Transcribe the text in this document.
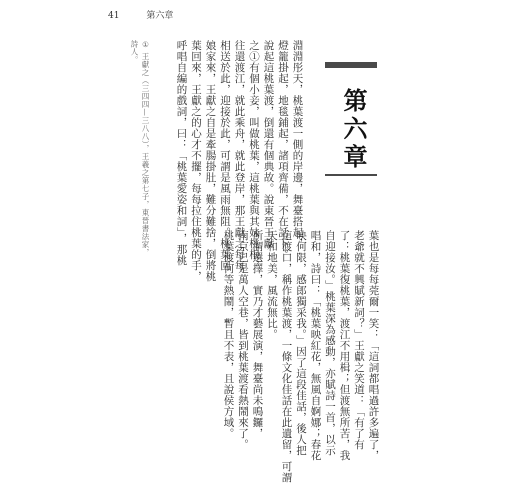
41	第六章
第六章
淵淵彤天，桃葉渡一側的岸邊，舞臺搭起，
燈籠掛起，地毯鋪起，諸項齊備，不在話下。
說起這桃葉渡，倒還有個典故。說東晉王獻
之①有個小妾，叫做桃葉，這桃葉與其妹桃根，
往還渡江，就此乘舟，就此登岸，那王獻之每每
相送於此，迎接於此，可謂是風雨無阻。桃葉回
娘家來，王獻之自是牽腸掛肚，難分難捨，倒將桃
葉回來，王獻之的心才不擺，每每拉住桃葉的手，
呼唱自編的戲詞，曰：「桃葉愛姿和詞」，那桃
① 王獻之（三四四—三八八），王羲之第七子，東晉書法家，
詩人。
葉也是每每莞爾一笑：「這詞都唱過許多遍了，
老爺就不興賦新詞？」王獻之笑道：「有了有
了：桃葉復桃葉，渡江不用楫；但渡無所苦，我
自迎接汝。」桃葉深為感動，亦賦詩一首，以示
唱和，詩曰：「桃葉映紅花，無風自婀娜；春花
映何限，感郎獨采我。」因了這段佳話，後人把
這渡口，稱作桃葉渡，一條文化佳話在此遺留，可謂
天和地美，風流無比。
所謂選擇，實乃才藝展演，舞臺尚未鳴鑼，
南京已是萬人空巷，皆到桃葉渡看熱鬧來了。
桃葉渡何等熱鬧，暫且不表，且說侯方域。
